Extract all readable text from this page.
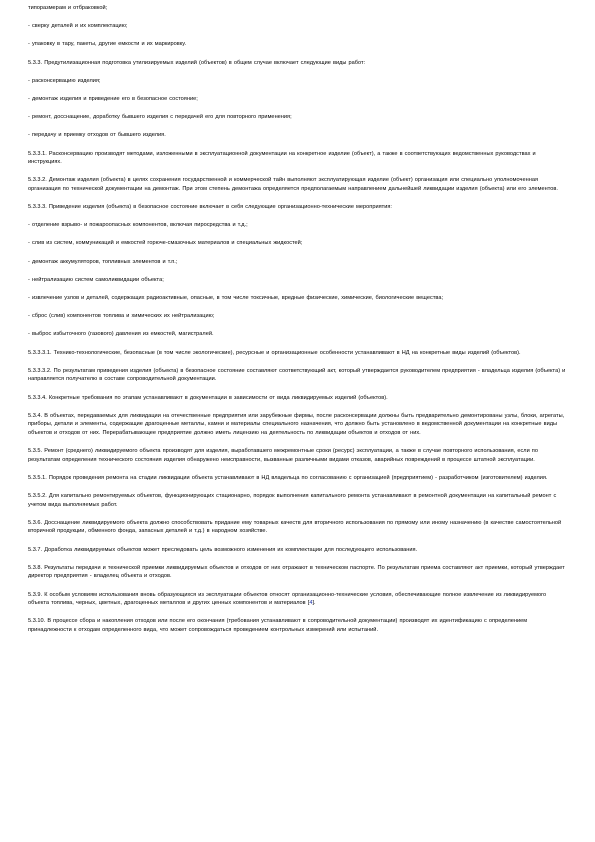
типоразмерам и отбраковкой;

- сверку деталей и их комплектацию;

- упаковку в тару, пакеты, другие емкости и их маркировку.

5.3.3. Предутилизационная подготовка утилизируемых изделий (объектов) в общем случае включает следующие виды работ:

- расконсервацию изделия;

- демонтаж изделия и приведение его в безопасное состояние;

- ремонт, досснащение, доработку бывшего изделия с передачей его для повторного применения;

- передачу и приемку отходов от бывшего изделия.

5.3.3.1. Расконсервацию производят методами, изложенными в эксплуатационной документации на конкретное изделие (объект), а также в соответствующих ведомственных руководствах и инструкциях.

5.3.3.2. Демонтаж изделия (объекта) в целях сохранения государственной и коммерческой тайн выполняют эксплуатирующая изделие (объект) организация или специально уполномоченная организация по технической документации на демонтаж. При этом степень демонтажа определяется предполагаемым направлением дальнейшей ликвидации изделия (объекта) или его элементов.

5.3.3.3. Приведение изделия (объекта) в безопасное состояние включает в себя следующие организационно-технические мероприятия:

- отделение взрыво- и пожароопасных компонентов, включая пиросредства и т.д.;

- слив из систем, коммуникаций и емкостей горюче-смазочных материалов и специальных жидкостей;

- демонтаж аккумуляторов, топливных элементов и т.п.;

- нейтрализацию систем самоликвидации объекта;

- извлечение узлов и деталей, содержащих радиоактивные, опасные, в том числе токсичные, вредные физические, химические, биологические вещества;

- сброс (слив) компонентов топлива и химических их нейтрализацию;

- выброс избыточного (газового) давления из емкостей, магистралей.

5.3.3.3.1. Технико-технологические, безопасные (в том числе экологические), ресурсные и организационные особенности устанавливают в НД на конкретные виды изделий (объектов).

5.3.3.3.2. По результатам приведения изделия (объекта) в безопасное состояние составляют соответствующий акт, который утверждается руководителем предприятия - владельца изделия (объекта) и направляется получателю в составе сопроводительной документации.

5.3.3.4. Конкретные требования по этапам устанавливают в документации в зависимости от вида ликвидируемых изделий (объектов).

5.3.4. В объектах, передаваемых для ликвидации на отечественные предприятия или зарубежные фирмы, после расконсервации должны быть предварительно демонтированы узлы, блоки, агрегаты, приборы, детали и элементы, содержащие драгоценные металлы, камни и материалы специального назначения, что должно быть установлено в ведомственной документации на конкретные виды объектов и отходов от них. Перерабатывающее предприятие должно иметь лицензию на деятельность по ликвидации объектов и отходов от них.

5.3.5. Ремонт (среднего) ликвидируемого объекта производят для изделия, выработавшего межремонтные сроки (ресурс) эксплуатации, а также в случае повторного использования, если по результатам определения технического состояния изделия обнаружено неисправности, вызванные различными видами отказов, аварийных повреждений в процессе штатной эксплуатации.

5.3.5.1. Порядок проведения ремонта на стадии ликвидации объекта устанавливают в НД владельца по согласованию с организацией (предприятием) - разработчиком (изготовителем) изделия.

5.3.5.2. Для капитально ремонтируемых объектов, функционирующих стационарно, порядок выполнения капитального ремонта устанавливают в ремонтной документации на капитальный ремонт с учетом вида выполняемых работ.

5.3.6. Досснащение ликвидируемого объекта должно способствовать придание ему товарных качеств для вторичного использования по прямому или иному назначению (в качестве самостоятельной вторичной продукции, обменного фонда, запасных деталей и т.д.) в народном хозяйстве.

5.3.7. Доработка ликвидируемых объектов может преследовать цель возможного изменения их комплектации для последующего использования.

5.3.8. Результаты передачи и технической приемки ликвидируемых объектов и отходов от них отражают в техническом паспорте. По результатам приема составляют акт приемки, который утверждает директор предприятия - владелец объекта и отходов.

5.3.9. К особым условиям использования вновь образующихся из эксплуатации объектов относят организационно-технические условия, обеспечивающие полное извлечение из ликвидируемого объекта топлива, черных, цветных, драгоценных металлов и других ценных компонентов и материалов [4].

5.3.10. В процессе сбора и накопления отходов или после его окончания (требования устанавливают в сопроводительной документации) производят их идентификацию с определением принадлежности к отходам определенного вида, что может сопровождаться проведением контрольных измерений или испытаний.
